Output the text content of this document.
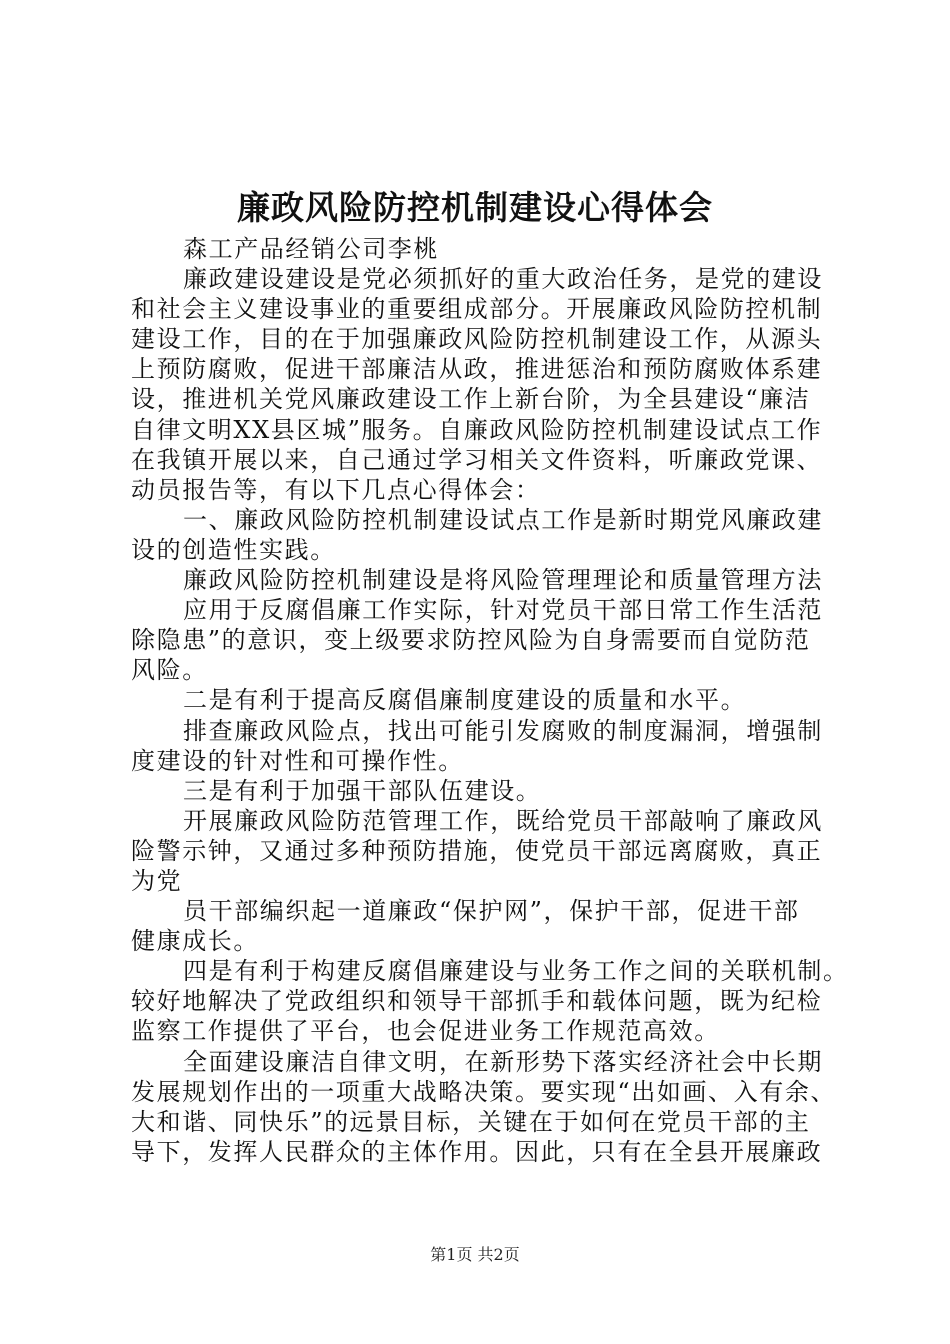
廉政风险防控机制建设心得体会
森工产品经销公司李桃
廉政建设建设是党必须抓好的重大政治任务，是党的建设
和社会主义建设事业的重要组成部分。开展廉政风险防控机制
建设工作，目的在于加强廉政风险防控机制建设工作，从源头
上预防腐败，促进干部廉洁从政，推进惩治和预防腐败体系建
设，推进机关党风廉政建设工作上新台阶，为全县建设“廉洁
自律文明XX县区城”服务。自廉政风险防控机制建设试点工作
在我镇开展以来，自己通过学习相关文件资料，听廉政党课、
动员报告等，有以下几点心得体会：
一、廉政风险防控机制建设试点工作是新时期党风廉政建
设的创造性实践。
廉政风险防控机制建设是将风险管理理论和质量管理方法
应用于反腐倡廉工作实际，针对党员干部日常工作生活范
除隐患”的意识，变上级要求防控风险为自身需要而自觉防范
风险。
二是有利于提高反腐倡廉制度建设的质量和水平。
排查廉政风险点，找出可能引发腐败的制度漏洞，增强制
度建设的针对性和可操作性。
三是有利于加强干部队伍建设。
开展廉政风险防范管理工作，既给党员干部敲响了廉政风
险警示钟，又通过多种预防措施，使党员干部远离腐败，真正
为党
员干部编织起一道廉政“保护网”，保护干部，促进干部
健康成长。
四是有利于构建反腐倡廉建设与业务工作之间的关联机制。
较好地解决了党政组织和领导干部抓手和载体问题，既为纪检
监察工作提供了平台，也会促进业务工作规范高效。
全面建设廉洁自律文明，在新形势下落实经济社会中长期
发展规划作出的一项重大战略决策。要实现“出如画、入有余、
大和谐、同快乐”的远景目标，关键在于如何在党员干部的主
导下，发挥人民群众的主体作用。因此，只有在全县开展廉政
第1页 共2页
